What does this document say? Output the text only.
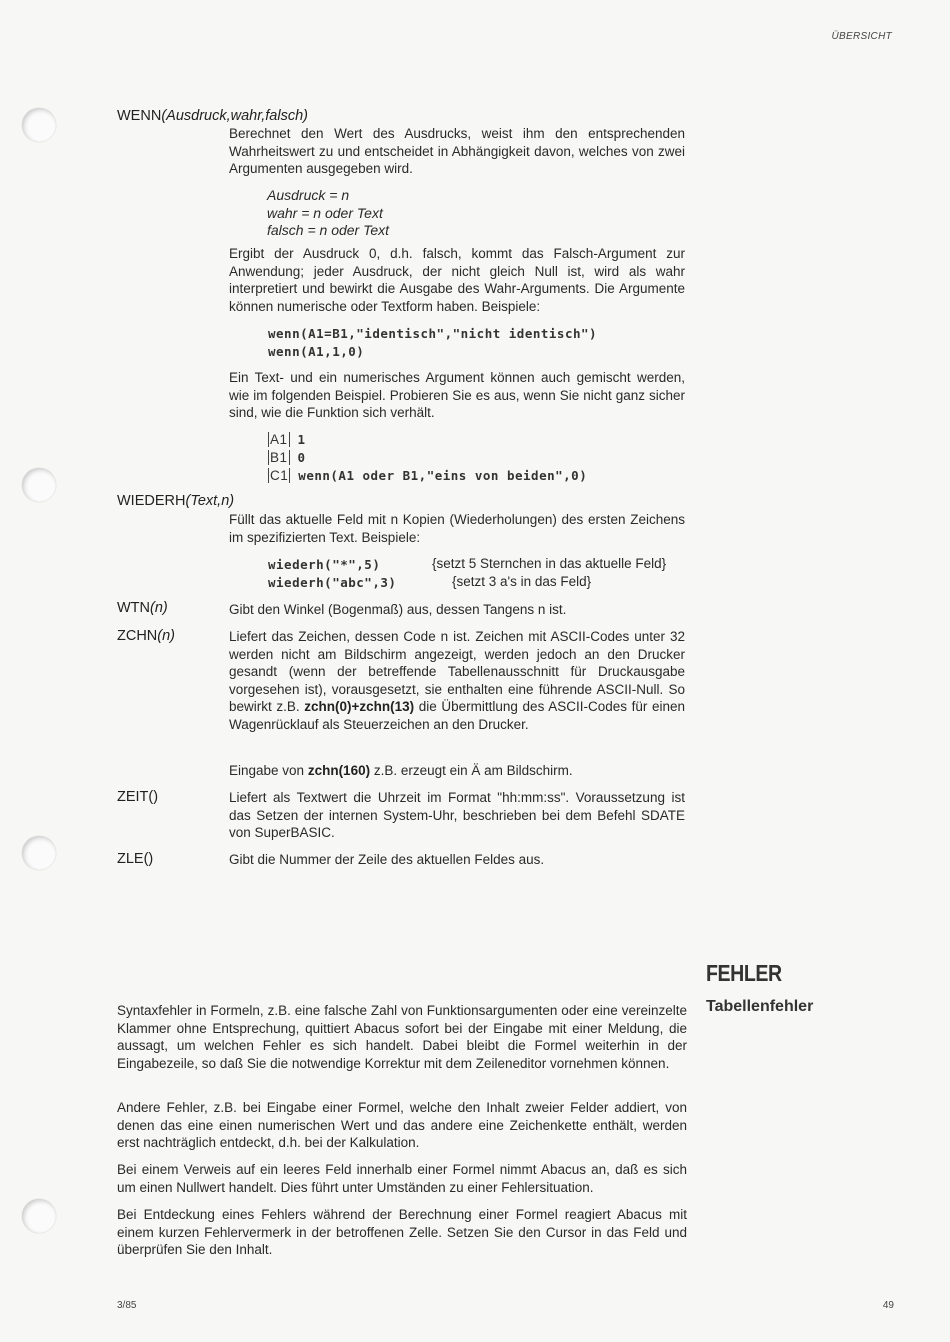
ÜBERSICHT
WENN(Ausdruck,wahr,falsch)
Berechnet den Wert des Ausdrucks, weist ihm den entsprechenden Wahrheitswert zu und entscheidet in Abhängigkeit davon, welches von zwei Argumenten ausgegeben wird.
Ausdruck = n
wahr = n oder Text
falsch = n oder Text
Ergibt der Ausdruck 0, d.h. falsch, kommt das Falsch-Argument zur Anwendung; jeder Ausdruck, der nicht gleich Null ist, wird als wahr interpretiert und bewirkt die Ausgabe des Wahr-Arguments. Die Argumente können numerische oder Textform haben. Beispiele:
wenn(A1=B1,"identisch","nicht identisch")
wenn(A1,1,0)
Ein Text- und ein numerisches Argument können auch gemischt werden, wie im folgenden Beispiel. Probieren Sie es aus, wenn Sie nicht ganz sicher sind, wie die Funktion sich verhält.
A1 1
B1 0
C1 wenn(A1 oder B1,"eins von beiden",0)
WIEDERH(Text,n)
Füllt das aktuelle Feld mit n Kopien (Wiederholungen) des ersten Zeichens im spezifizierten Text. Beispiele:
wiederh("*",5)	{setzt 5 Sternchen in das aktuelle Feld}
wiederh("abc",3)	{setzt 3 a's in das Feld}
WTN(n)	Gibt den Winkel (Bogenmaß) aus, dessen Tangens n ist.
ZCHN(n)	Liefert das Zeichen, dessen Code n ist. Zeichen mit ASCII-Codes unter 32 werden nicht am Bildschirm angezeigt, werden jedoch an den Drucker gesandt (wenn der betreffende Tabellenausschnitt für Druckausgabe vorgesehen ist), vorausgesetzt, sie enthalten eine führende ASCII-Null. So bewirkt z.B. zchn(0)+zchn(13) die Übermittlung des ASCII-Codes für einen Wagenrücklauf als Steuerzeichen an den Drucker.
Eingabe von zchn(160) z.B. erzeugt ein Ä am Bildschirm.
ZEIT()	Liefert als Textwert die Uhrzeit im Format "hh:mm:ss". Voraussetzung ist das Setzen der internen System-Uhr, beschrieben bei dem Befehl SDATE von SuperBASIC.
ZLE()	Gibt die Nummer der Zeile des aktuellen Feldes aus.
FEHLER
Tabellenfehler
Syntaxfehler in Formeln, z.B. eine falsche Zahl von Funktionsargumenten oder eine vereinzelte Klammer ohne Entsprechung, quittiert Abacus sofort bei der Eingabe mit einer Meldung, die aussagt, um welchen Fehler es sich handelt. Dabei bleibt die Formel weiterhin in der Eingabezeile, so daß Sie die notwendige Korrektur mit dem Zeileneditor vornehmen können.
Andere Fehler, z.B. bei Eingabe einer Formel, welche den Inhalt zweier Felder addiert, von denen das eine einen numerischen Wert und das andere eine Zeichenkette enthält, werden erst nachträglich entdeckt, d.h. bei der Kalkulation.
Bei einem Verweis auf ein leeres Feld innerhalb einer Formel nimmt Abacus an, daß es sich um einen Nullwert handelt. Dies führt unter Umständen zu einer Fehlersituation.
Bei Entdeckung eines Fehlers während der Berechnung einer Formel reagiert Abacus mit einem kurzen Fehlervermerk in der betroffenen Zelle. Setzen Sie den Cursor in das Feld und überprüfen Sie den Inhalt.
3/85	49
